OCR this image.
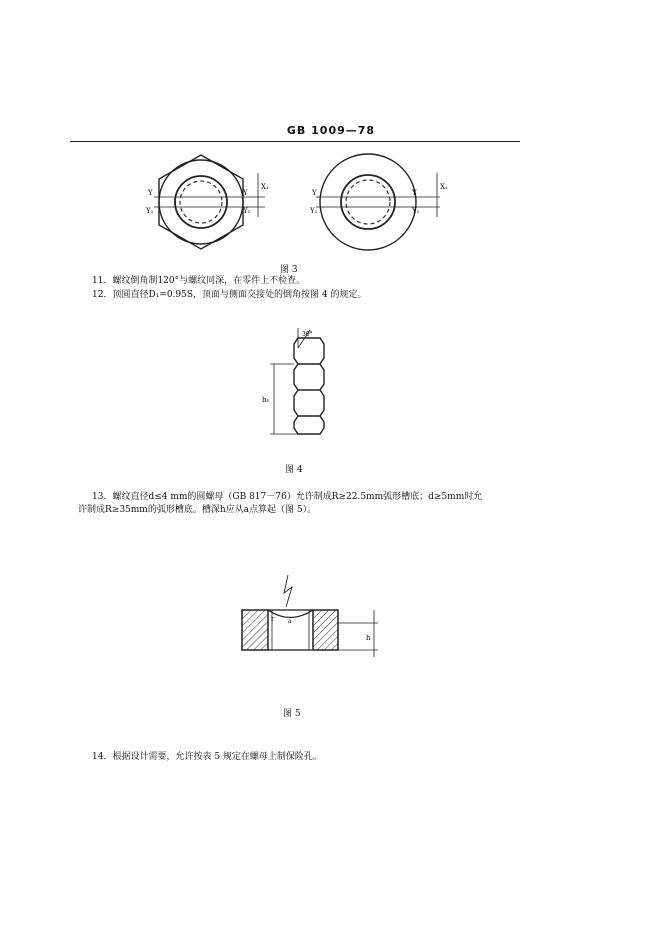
GB 1009—78
Y
Y₁
Y
Y₁
X₁
Y
Y₁
Y
Y₁
X₁
图 3
11．螺纹倒角制120°与螺纹同深，在零件上不检查。
12．顶圆直径D₁=0.95S，顶面与侧面交接处的倒角按图 4 的规定。
30°
h₁
图 4
13．螺纹直径d≤4 mm的圆螺母（GB 817－76）允许制成R≥22.5mm弧形槽底；d≥5mm时允
许制成R≥35mm的弧形槽底。槽深h应从a点算起（图 5）。
r a
h
图 5
14．根据设计需要，允许按表 5 规定在螺母上制保险孔。
